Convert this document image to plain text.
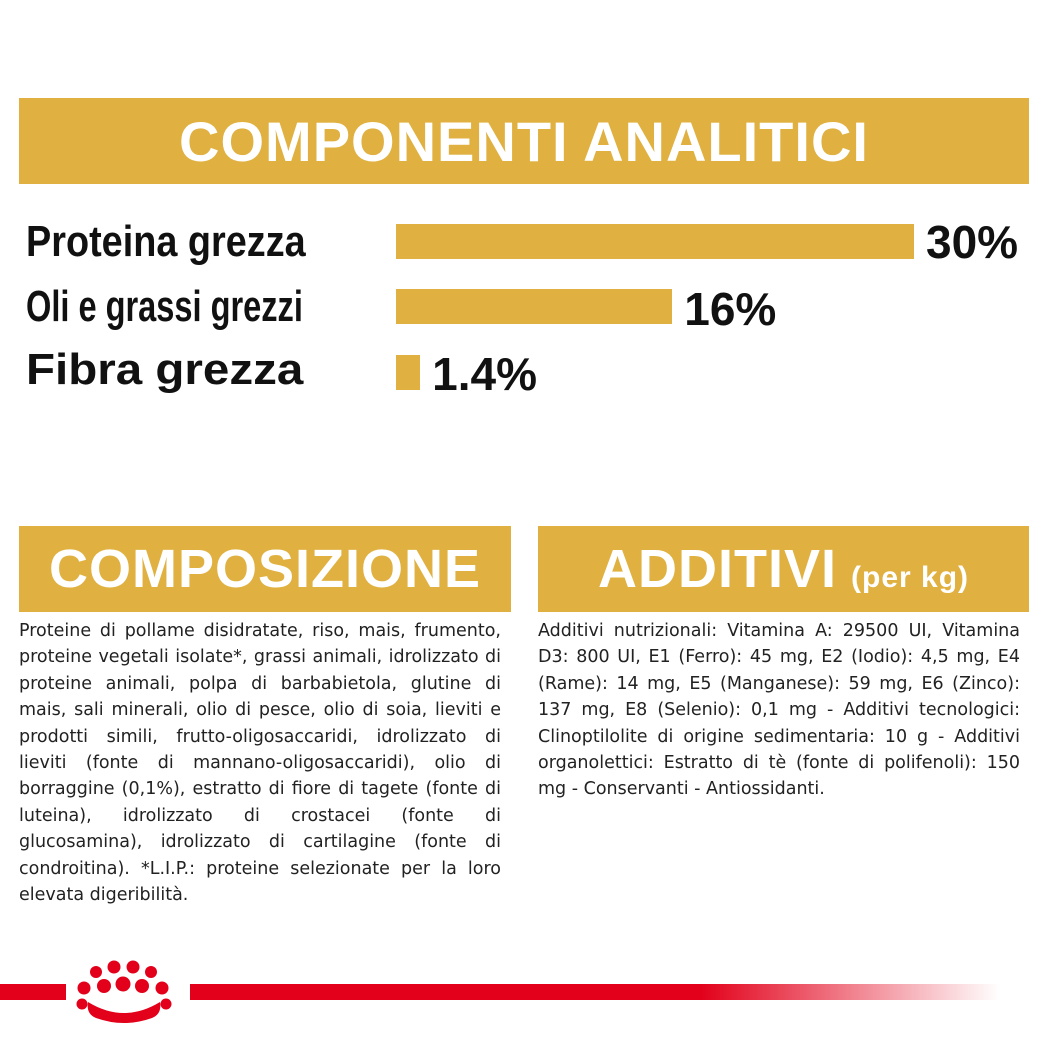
COMPONENTI ANALITICI
Proteina grezza	30%
Oli e grassi grezzi	16%
Fibra grezza	1.4%
COMPOSIZIONE
Proteine di pollame disidratate, riso, mais, frumento, proteine vegetali isolate*, grassi animali, idrolizzato di proteine animali, polpa di barbabietola, glutine di mais, sali minerali, olio di pesce, olio di soia, lieviti e prodotti simili, frutto-oligosaccaridi, idrolizzato di lieviti (fonte di mannano-oligosaccaridi), olio di borraggine (0,1%), estratto di fiore di tagete (fonte di luteina), idrolizzato di crostacei (fonte di glucosamina), idrolizzato di cartilagine (fonte di condroitina). *L.I.P.: proteine selezionate per la loro elevata digeribilità.
ADDITIVI (per kg)
Additivi nutrizionali: Vitamina A: 29500 UI, Vitamina D3: 800 UI, E1 (Ferro): 45 mg, E2 (Iodio): 4,5 mg, E4 (Rame): 14 mg, E5 (Manganese): 59 mg, E6 (Zinco): 137 mg, E8 (Selenio): 0,1 mg - Additivi tecnologici: Clinoptilolite di origine sedimentaria: 10 g - Additivi organolettici: Estratto di tè (fonte di polifenoli): 150 mg - Conservanti - Antiossidanti.
